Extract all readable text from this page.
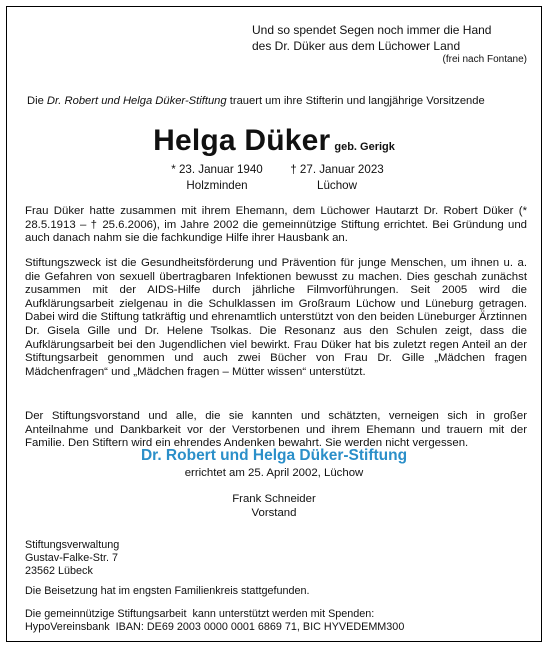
Und so spendet Segen noch immer die Hand
des Dr. Düker aus dem Lüchower Land
(frei nach Fontane)
Die Dr. Robert und Helga Düker-Stiftung trauert um ihre Stifterin und langjährige Vorsitzende
Helga Düker geb. Gerigk
* 23. Januar 1940
Holzminden
† 27. Januar 2023
Lüchow
Frau Düker hatte zusammen mit ihrem Ehemann, dem Lüchower Hautarzt Dr. Robert Düker (* 28.5.1913 – † 25.6.2006), im Jahre 2002 die gemeinnützige Stiftung errichtet. Bei Gründung und auch danach nahm sie die fachkundige Hilfe ihrer Hausbank an.
Stiftungszweck ist die Gesundheitsförderung und Prävention für junge Menschen, um ihnen u. a. die Gefahren von sexuell übertragbaren Infektionen bewusst zu machen. Dies geschah zunächst zusammen mit der AIDS-Hilfe durch jährliche Filmvorführungen. Seit 2005 wird die Aufklärungsarbeit zielgenau in die Schulklassen im Großraum Lüchow und Lüneburg getragen. Dabei wird die Stiftung tatkräftig und ehrenamtlich unterstützt von den beiden Lüneburger Ärztinnen Dr. Gisela Gille und Dr. Helene Tsolkas. Die Resonanz aus den Schulen zeigt, dass die Aufklärungsarbeit bei den Jugendlichen viel bewirkt. Frau Düker hat bis zuletzt regen Anteil an der Stiftungsarbeit genommen und auch zwei Bücher von Frau Dr. Gille „Mädchen fragen Mädchenfragen“ und „Mädchen fragen – Mütter wissen“ unterstützt.
Der Stiftungsvorstand und alle, die sie kannten und schätzten, verneigen sich in großer Anteilnahme und Dankbarkeit vor der Verstorbenen und ihrem Ehemann und trauern mit der Familie. Den Stiftern wird ein ehrendes Andenken bewahrt. Sie werden nicht vergessen.
Dr. Robert und Helga Düker-Stiftung
errichtet am 25. April 2002, Lüchow
Frank Schneider
Vorstand
Stiftungsverwaltung
Gustav-Falke-Str. 7
23562 Lübeck
Die Beisetzung hat im engsten Familienkreis stattgefunden.
Die gemeinnützige Stiftungsarbeit  kann unterstützt werden mit Spenden:
HypoVereinsbank  IBAN: DE69 2003 0000 0001 6869 71, BIC HYVEDEMM300
